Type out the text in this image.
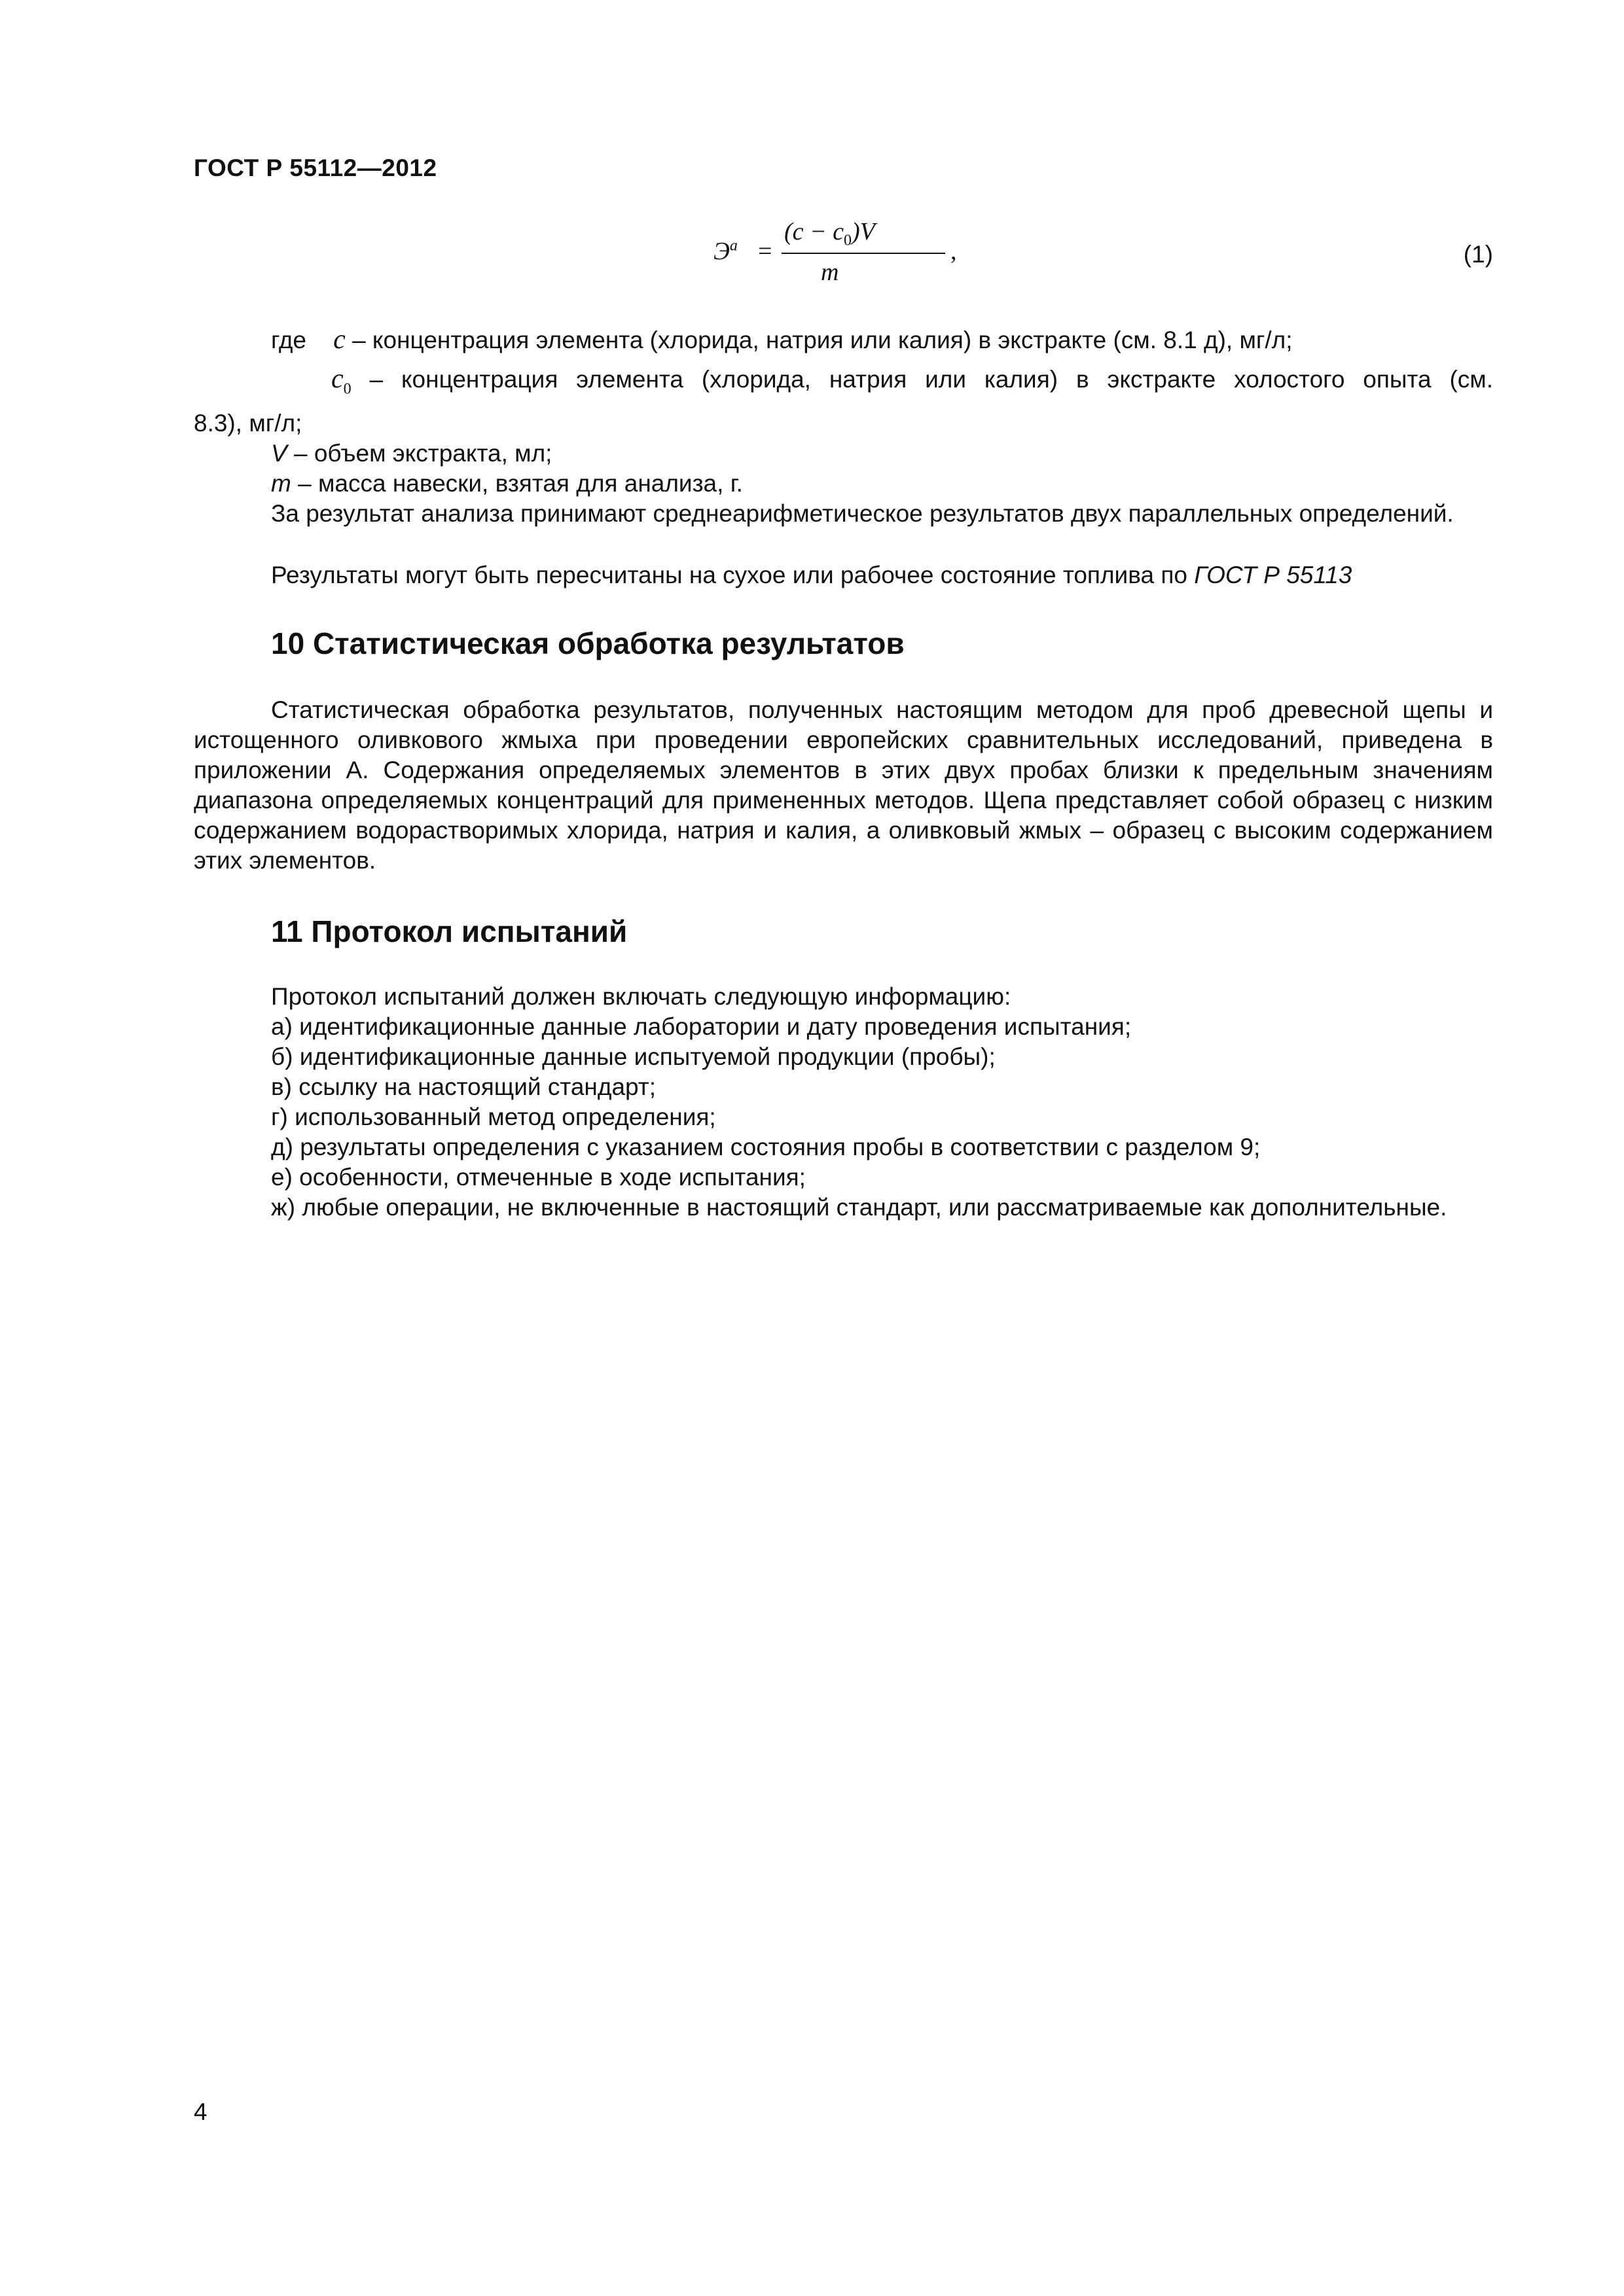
ГОСТ Р 55112—2012
$Э^a$ =
$(c - c_0)V$
m
,	(1)

где c – концентрация элемента (хлорида, натрия или калия) в экстракте (см. 8.1 д), мг/л;

$c_0$ – концентрация элемента (хлорида, натрия или калия) в экстракте холостого опыта (см.

8.3), мг/л;

V – объем экстракта, мл;

m – масса навески, взятая для анализа, г.

За результат анализа принимают среднеарифметическое результатов двух параллельных определений.

Результаты могут быть пересчитаны на сухое или рабочее состояние топлива по ГОСТ Р 55113

10 Статистическая обработка результатов

Статистическая обработка результатов, полученных настоящим методом для проб древесной щепы и истощенного оливкового жмыха при проведении европейских сравнительных исследований, приведена в приложении А. Содержания определяемых элементов в этих двух пробах близки к предельным значениям диапазона определяемых концентраций для примененных методов. Щепа представляет собой образец с низким содержанием водорастворимых хлорида, натрия и калия, а оливковый жмых – образец с высоким содержанием этих элементов.

11 Протокол испытаний

Протокол испытаний должен включать следующую информацию:

а) идентификационные данные лаборатории и дату проведения испытания;

б) идентификационные данные испытуемой продукции (пробы);

в) ссылку на настоящий стандарт;

г) использованный метод определения;

д) результаты определения с указанием состояния пробы в соответствии с разделом 9;

е) особенности, отмеченные в ходе испытания;

ж) любые операции, не включенные в настоящий стандарт, или рассматриваемые как дополнительные.

4
